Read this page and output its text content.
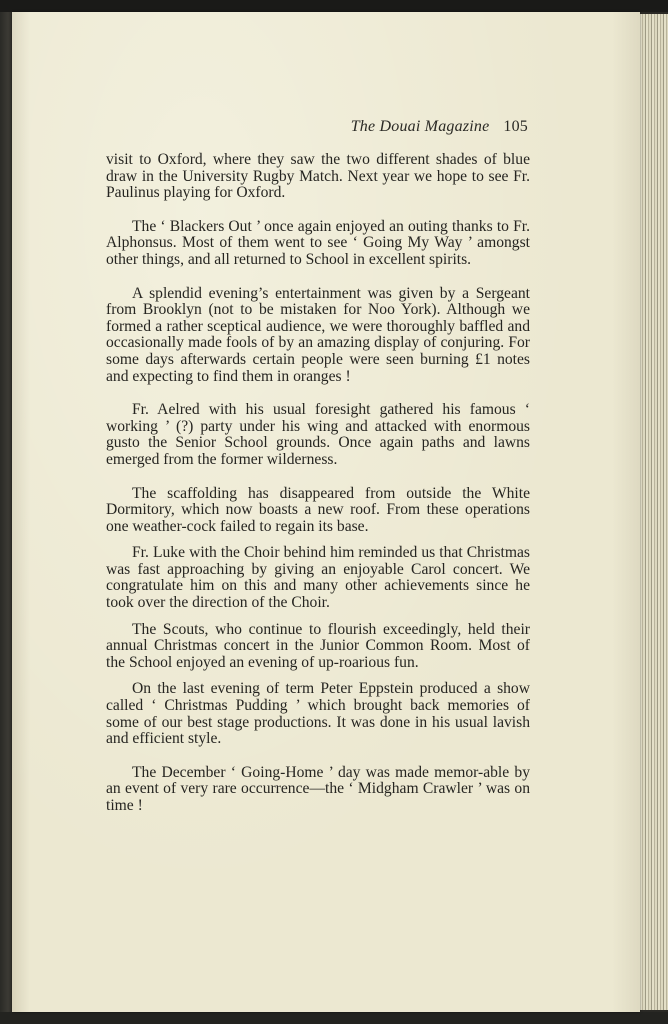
The Douai Magazine 105

visit to Oxford, where they saw the two different shades of blue draw in the University Rugby Match. Next year we hope to see Fr. Paulinus playing for Oxford.

The ‘ Blackers Out ’ once again enjoyed an outing thanks to Fr. Alphonsus. Most of them went to see ‘ Going My Way ’ amongst other things, and all returned to School in excellent spirits.

A splendid evening’s entertainment was given by a Sergeant from Brooklyn (not to be mistaken for Noo York). Although we formed a rather sceptical audience, we were thoroughly baffled and occasionally made fools of by an amazing display of conjuring. For some days afterwards certain people were seen burning £1 notes and expecting to find them in oranges !

Fr. Aelred with his usual foresight gathered his famous ‘ working ’ (?) party under his wing and attacked with enormous gusto the Senior School grounds. Once again paths and lawns emerged from the former wilderness.

The scaffolding has disappeared from outside the White Dormitory, which now boasts a new roof. From these operations one weather-cock failed to regain its base.

Fr. Luke with the Choir behind him reminded us that Christmas was fast approaching by giving an enjoyable Carol concert. We congratulate him on this and many other achievements since he took over the direction of the Choir.

The Scouts, who continue to flourish exceedingly, held their annual Christmas concert in the Junior Common Room. Most of the School enjoyed an evening of up-roarious fun.

On the last evening of term Peter Eppstein produced a show called ‘ Christmas Pudding ’ which brought back memories of some of our best stage productions. It was done in his usual lavish and efficient style.

The December ‘ Going-Home ’ day was made memor-able by an event of very rare occurrence—the ‘ Midgham Crawler ’ was on time !
